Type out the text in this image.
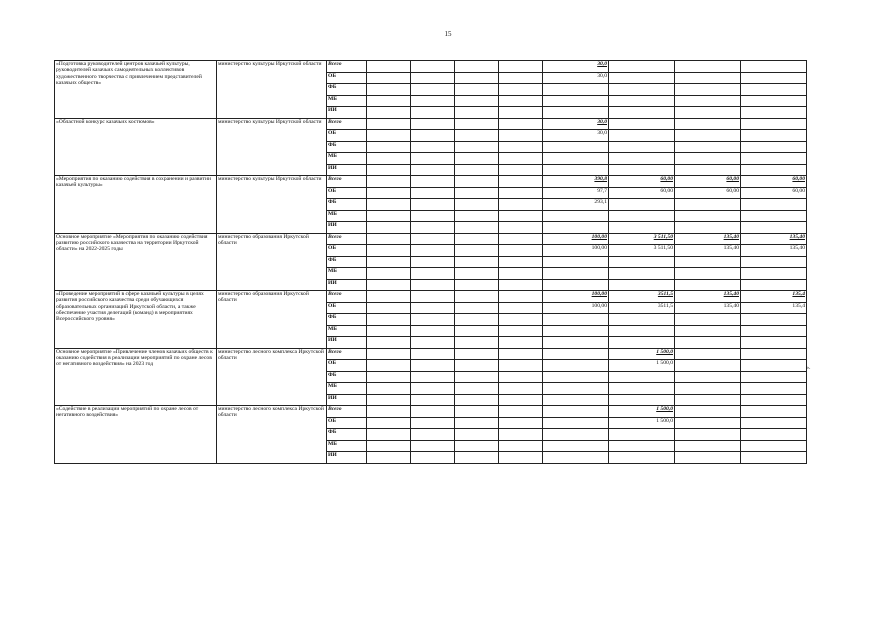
15
«Подготовка руководителей центров казачьей культуры, руководителей казачьих самодеятельных коллективов художественного творчества с привлечением представителей казачьих обществ»	министерство культуры Иркутской области	Всего					30,0			
		ОБ					30,0			
		ФБ								
		МБ								
		ИИ								
«Областной конкурс казачьих костюмов»	министерство культуры Иркутской области	Всего					30,0			
		ОБ					30,0			
		ФБ								
		МБ								
		ИИ								
«Мероприятия по оказанию содействия в сохранении и развитии казачьей культуры»	министерство культуры Иркутской области	Всего					390,8	60,00	60,00	60,00
		ОБ					97,7	60,00	60,00	60,00
		ФБ					293,1			
		МБ								
		ИИ								
Основное мероприятие «Мероприятия по оказанию содействия развитию российского казачества на территории Иркутской области» на 2022-2025 годы	министерство образования Иркутской области	Всего					100,00	3 511,50	135,40	135,40
		ОБ					100,00	3 511,50	135,40	135,40
		ФБ								
		МБ								
		ИИ								
«Проведение мероприятий в сфере казачьей культуры в целях развития российского казачества среди обучающихся образовательных организаций Иркутской области, а также обеспечение участия делегаций (команд) в мероприятиях Всероссийского уровня»	министерство образования Иркутской области	Всего					100,00	3511,5	135,40	135,4
		ОБ					100,00	3511,5	135,40	135,4
		ФБ								
		МБ								
		ИИ								
Основное мероприятие «Привлечение членов казачьих обществ к оказанию содействия в реализации мероприятий по охране лесов от негативного воздействия» на 2023 год	министерство лесного комплекса Иркутской области	Всего						1 500,0		
		ОБ						1 500,0		
		ФБ								
		МБ								
		ИИ								
«Содействие в реализации мероприятий по охране лесов от негативного воздействия»	министерство лесного комплекса Иркутской области	Всего						1 500,0		
		ОБ						1 500,0		
		ФБ								
		МБ								
		ИИ								
».
